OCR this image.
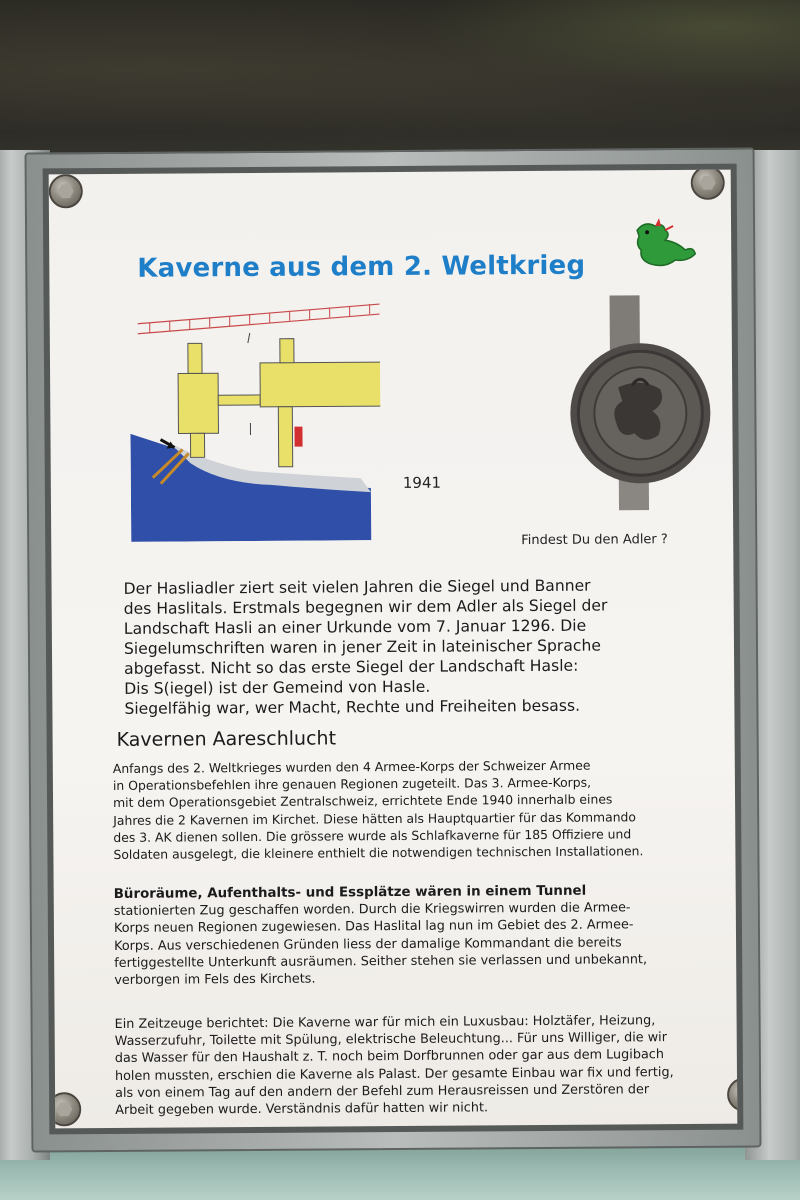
Kaverne aus dem 2. Weltkrieg
1941
Findest Du den Adler ?

Der Hasliadler ziert seit vielen Jahren die Siegel und Banner

des Haslitals. Erstmals begegnen wir dem Adler als Siegel der

Landschaft Hasli an einer Urkunde vom 7. Januar 1296. Die

Siegelumschriften waren in jener Zeit in lateinischer Sprache

abgefasst. Nicht so das erste Siegel der Landschaft Hasle:

Dis S(iegel) ist der Gemeind von Hasle.

Siegelfähig war, wer Macht, Rechte und Freiheiten besass.

Kavernen Aareschlucht

Anfangs des 2. Weltkrieges wurden den 4 Armee-Korps der Schweizer Armee

in Operationsbefehlen ihre genauen Regionen zugeteilt. Das 3. Armee-Korps,

mit dem Operationsgebiet Zentralschweiz, errichtete Ende 1940 innerhalb eines

Jahres die 2 Kavernen im Kirchet. Diese hätten als Hauptquartier für das Kommando

des 3. AK dienen sollen. Die grössere wurde als Schlafkaverne für 185 Offiziere und

Soldaten ausgelegt, die kleinere enthielt die notwendigen technischen Installationen.

Büroräume, Aufenthalts- und Essplätze wären in einem Tunnel

stationierten Zug geschaffen worden. Durch die Kriegswirren wurden die Armee-

Korps neuen Regionen zugewiesen. Das Haslital lag nun im Gebiet des 2. Armee-

Korps. Aus verschiedenen Gründen liess der damalige Kommandant die bereits

fertiggestellte Unterkunft ausräumen. Seither stehen sie verlassen und unbekannt,

verborgen im Fels des Kirchets.

Ein Zeitzeuge berichtet: Die Kaverne war für mich ein Luxusbau: Holztäfer, Heizung,

Wasserzufuhr, Toilette mit Spülung, elektrische Beleuchtung... Für uns Williger, die wir

das Wasser für den Haushalt z. T. noch beim Dorfbrunnen oder gar aus dem Lugibach

holen mussten, erschien die Kaverne als Palast. Der gesamte Einbau war fix und fertig,

als von einem Tag auf den andern der Befehl zum Herausreissen und Zerstören der

Arbeit gegeben wurde. Verständnis dafür hatten wir nicht.
